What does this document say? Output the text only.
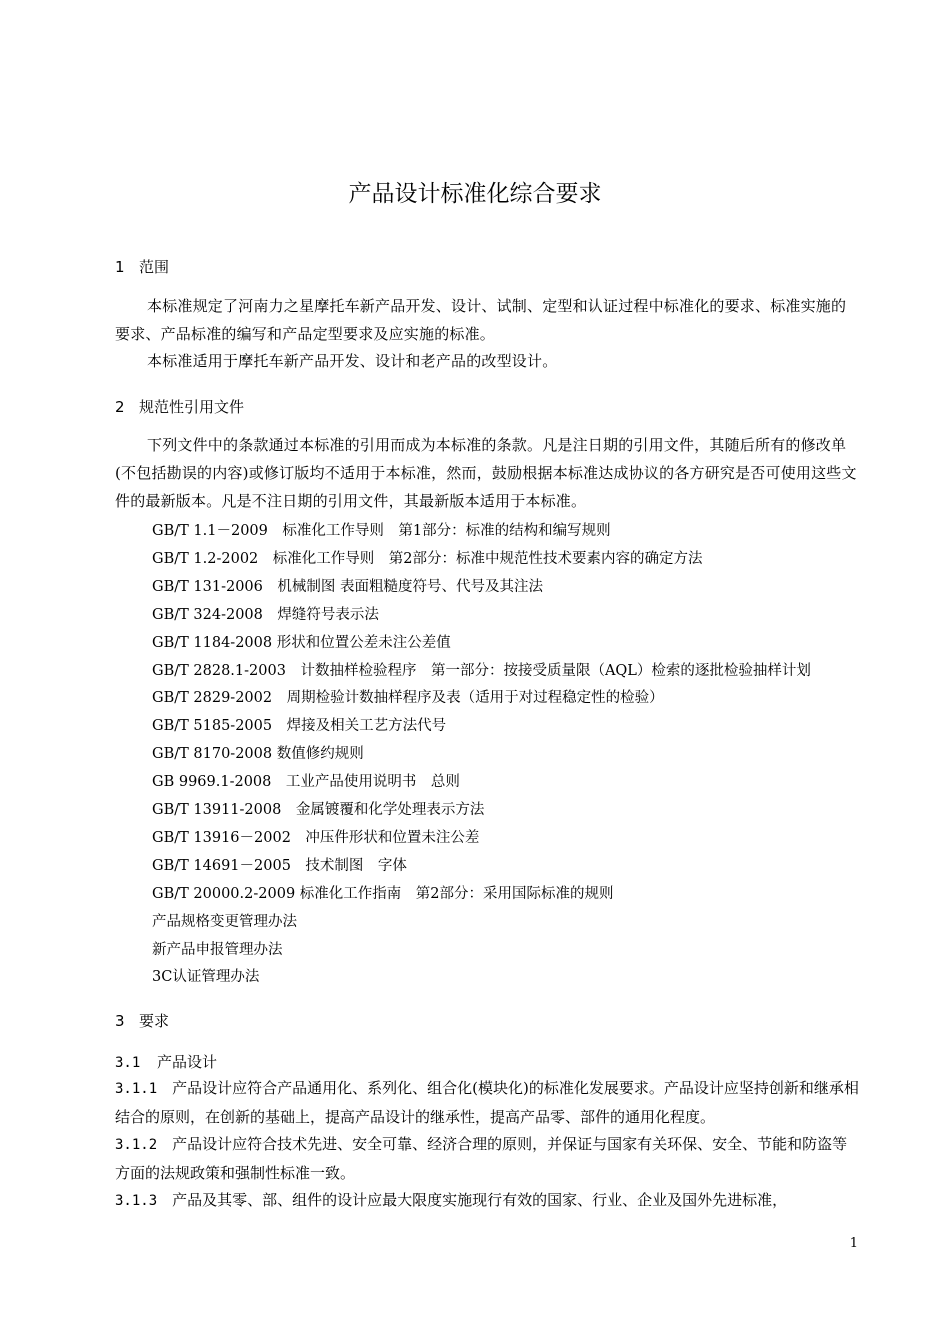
产品设计标准化综合要求
1 范围
本标准规定了河南力之星摩托车新产品开发、设计、试制、定型和认证过程中标准化的要求、标准实施的要求、产品标准的编写和产品定型要求及应实施的标准。
本标准适用于摩托车新产品开发、设计和老产品的改型设计。
2 规范性引用文件
下列文件中的条款通过本标准的引用而成为本标准的条款。凡是注日期的引用文件，其随后所有的修改单(不包括勘误的内容)或修订版均不适用于本标准，然而，鼓励根据本标准达成协议的各方研究是否可使用这些文件的最新版本。凡是不注日期的引用文件，其最新版本适用于本标准。
GB/T 1.1－2009　标准化工作导则　第1部分：标准的结构和编写规则
GB/T 1.2-2002　标准化工作导则　第2部分：标准中规范性技术要素内容的确定方法
GB/T 131-2006　机械制图 表面粗糙度符号、代号及其注法
GB/T 324-2008　焊缝符号表示法
GB/T 1184-2008 形状和位置公差未注公差值
GB/T 2828.1-2003　计数抽样检验程序　第一部分：按接受质量限（AQL）检索的逐批检验抽样计划
GB/T 2829-2002　周期检验计数抽样程序及表（适用于对过程稳定性的检验）
GB/T 5185-2005　焊接及相关工艺方法代号
GB/T 8170-2008 数值修约规则
GB 9969.1-2008　工业产品使用说明书　总则
GB/T 13911-2008　金属镀覆和化学处理表示方法
GB/T 13916－2002　冲压件形状和位置未注公差
GB/T 14691－2005　技术制图　字体
GB/T 20000.2-2009 标准化工作指南　第2部分：采用国际标准的规则
产品规格变更管理办法
新产品申报管理办法
3C认证管理办法
3 要求
3.1 产品设计
3.1.1　 产品设计应符合产品通用化、系列化、组合化(模块化)的标准化发展要求。产品设计应坚持创新和继承相结合的原则，在创新的基础上，提高产品设计的继承性，提高产品零、部件的通用化程度。
3.1.2　 产品设计应符合技术先进、安全可靠、经济合理的原则，并保证与国家有关环保、安全、节能和防盗等方面的法规政策和强制性标准一致。
3.1.3　 产品及其零、部、组件的设计应最大限度实施现行有效的国家、行业、企业及国外先进标准，
1
